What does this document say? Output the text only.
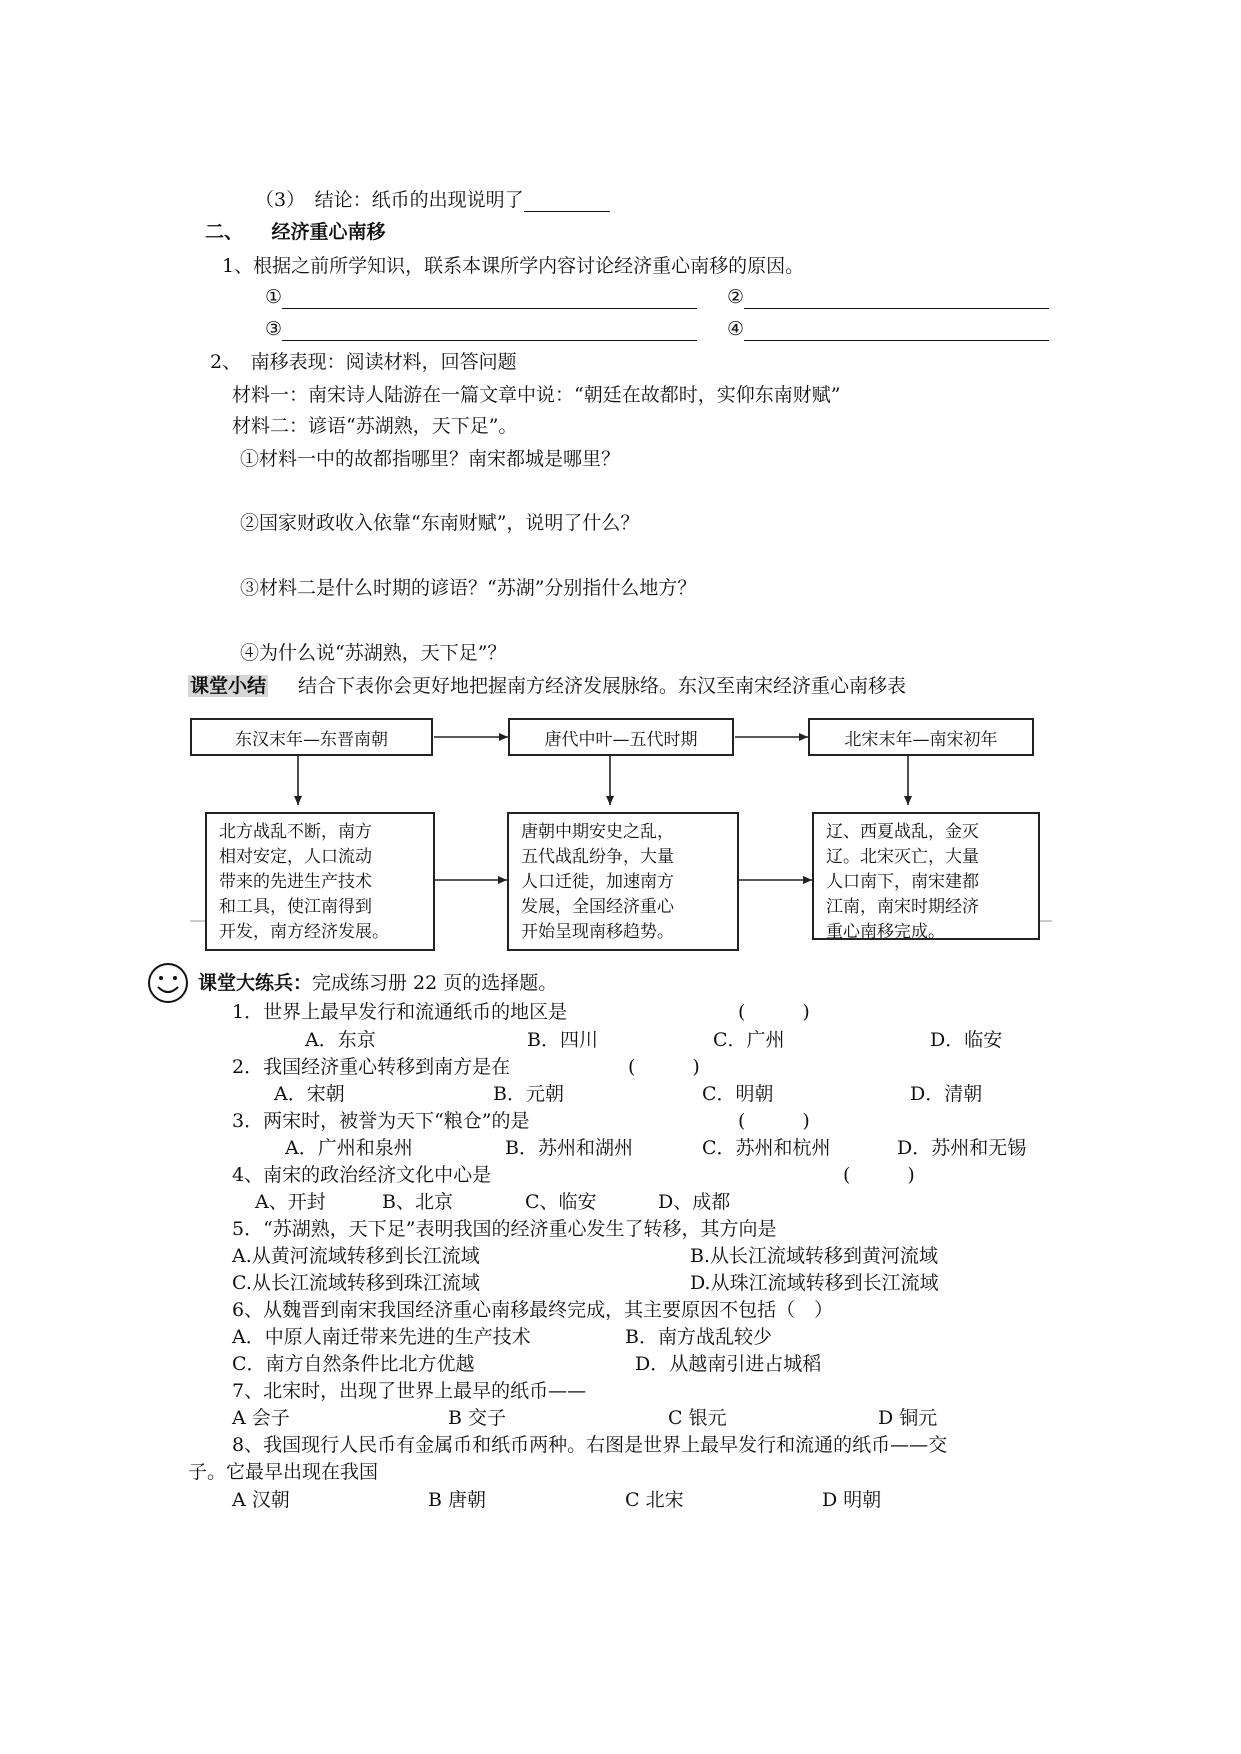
（3）　结论：纸币的出现说明了
二、　　经济重心南移
1、根据之前所学知识，联系本课所学内容讨论经济重心南移的原因。
①	②
③	④
2、　南移表现：阅读材料，回答问题
材料一：南宋诗人陆游在一篇文章中说：“朝廷在故都时，实仰东南财赋”
材料二：谚语“苏湖熟，天下足”。
①材料一中的故都指哪里？南宋都城是哪里？
②国家财政收入依靠“东南财赋”，说明了什么？
③材料二是什么时期的谚语？“苏湖”分别指什么地方？
④为什么说“苏湖熟，天下足”？
课堂小结 结合下表你会更好地把握南方经济发展脉络。东汉至南宋经济重心南移表
东汉末年—东晋南朝	唐代中叶—五代时期	北宋末年—南宋初年
北方战乱不断，南方
相对安定，人口流动
带来的先进生产技术
和工具，使江南得到
开发，南方经济发展。
唐朝中期安史之乱，
五代战乱纷争，大量
人口迁徙，加速南方
发展，全国经济重心
开始呈现南移趋势。
辽、西夏战乱，金灭
辽。北宋灭亡，大量
人口南下，南宋建都
江南，南宋时期经济
重心南移完成。
课堂大练兵：完成练习册 22 页的选择题。
1．世界上最早发行和流通纸币的地区是	(　　　)
A．东京	B．四川	C．广州	D．临安
2．我国经济重心转移到南方是在	(　　　)
A．宋朝	B．元朝	C．明朝	D．清朝
3．两宋时，被誉为天下“粮仓”的是	(　　　)
A．广州和泉州	B．苏州和湖州	C．苏州和杭州	D．苏州和无锡
4、南宋的政治经济文化中心是	(　　　)
A、开封	B、北京	C、临安	D、成都
5．“苏湖熟，天下足”表明我国的经济重心发生了转移，其方向是
A.从黄河流域转移到长江流域	B.从长江流域转移到黄河流域
C.从长江流域转移到珠江流域	D.从珠江流域转移到长江流域
6、从魏晋到南宋我国经济重心南移最终完成，其主要原因不包括（　）
A．中原人南迁带来先进的生产技术	B．南方战乱较少
C．南方自然条件比北方优越	D．从越南引进占城稻
7、北宋时，出现了世界上最早的纸币——
A 会子	B 交子	C 银元	D 铜元
8、我国现行人民币有金属币和纸币两种。右图是世界上最早发行和流通的纸币——交
子。它最早出现在我国
A 汉朝	B 唐朝	C 北宋	D 明朝
